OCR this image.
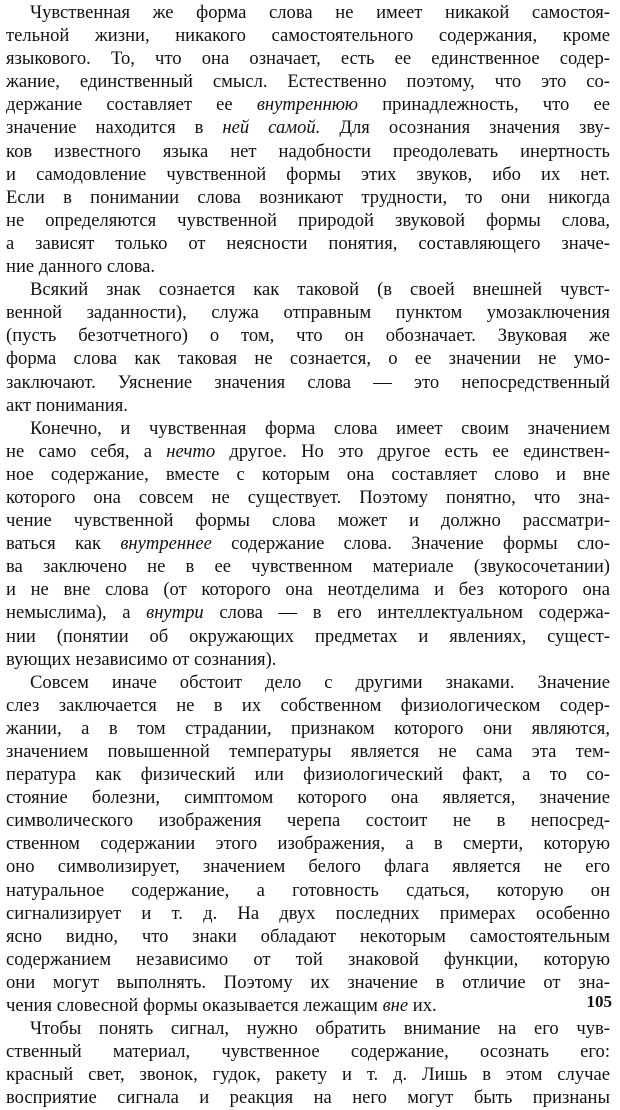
Чувственная же форма слова не имеет никакой самостоя-
тельной жизни, никакого самостоятельного содержания, кроме
языкового. То, что она означает, есть ее единственное содер-
жание, единственный смысл. Естественно поэтому, что это со-
держание составляет ее внутреннюю принадлежность, что ее
значение находится в ней самой. Для осознания значения зву-
ков известного языка нет надобности преодолевать инертность
и самодовление чувственной формы этих звуков, ибо их нет.
Если в понимании слова возникают трудности, то они никогда
не определяются чувственной природой звуковой формы слова,
а зависят только от неясности понятия, составляющего значе-
ние данного слова.
Всякий знак сознается как таковой (в своей внешней чувст-
венной заданности), служа отправным пунктом умозаключения
(пусть безотчетного) о том, что он обозначает. Звуковая же
форма слова как таковая не сознается, о ее значении не умо-
заключают. Уяснение значения слова — это непосредственный
акт понимания.
Конечно, и чувственная форма слова имеет своим значением
не само себя, а нечто другое. Но это другое есть ее единствен-
ное содержание, вместе с которым она составляет слово и вне
которого она совсем не существует. Поэтому понятно, что зна-
чение чувственной формы слова может и должно рассматри-
ваться как внутреннее содержание слова. Значение формы сло-
ва заключено не в ее чувственном материале (звукосочетании)
и не вне слова (от которого она неотделима и без которого она
немыслима), а внутри слова — в его интеллектуальном содержа-
нии (понятии об окружающих предметах и явлениях, сущест-
вующих независимо от сознания).
Совсем иначе обстоит дело с другими знаками. Значение
слез заключается не в их собственном физиологическом содер-
жании, а в том страдании, признаком которого они являются,
значением повышенной температуры является не сама эта тем-
пература как физический или физиологический факт, а то со-
стояние болезни, симптомом которого она является, значение
символического изображения черепа состоит не в непосред-
ственном содержании этого изображения, а в смерти, которую
оно символизирует, значением белого флага является не его
натуральное содержание, а готовность сдаться, которую он
сигнализирует и т. д. На двух последних примерах особенно
ясно видно, что знаки обладают некоторым самостоятельным
содержанием независимо от той знаковой функции, которую
они могут выполнять. Поэтому их значение в отличие от зна-
чения словесной формы оказывается лежащим вне их.
Чтобы понять сигнал, нужно обратить внимание на его чув-
ственный материал, чувственное содержание, осознать его:
красный свет, звонок, гудок, ракету и т. д. Лишь в этом случае
восприятие сигнала и реакция на него могут быть признаны
105
